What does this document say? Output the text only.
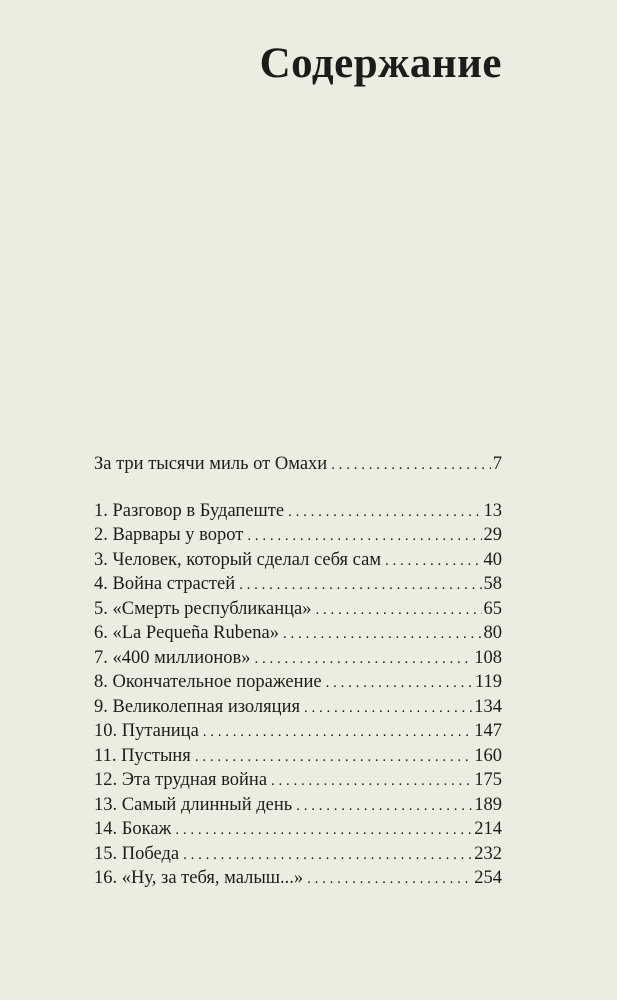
Содержание
За три тысячи миль от Омахи . . .	7
1. Разговор в Будапеште . . .	13
2. Варвары у ворот . . .	29
3. Человек, который сделал себя сам . . .	40
4. Война страстей . . .	58
5. «Смерть республиканца» . . .	65
6. «La Pequeña Rubena» . . .	80
7. «400 миллионов» . . .	108
8. Окончательное поражение . . .	119
9. Великолепная изоляция . . .	134
10. Путаница . . .	147
11. Пустыня . . .	160
12. Эта трудная война . . .	175
13. Самый длинный день . . .	189
14. Бокаж . . .	214
15. Победа . . .	232
16. «Ну, за тебя, малыш...» . . .	254
